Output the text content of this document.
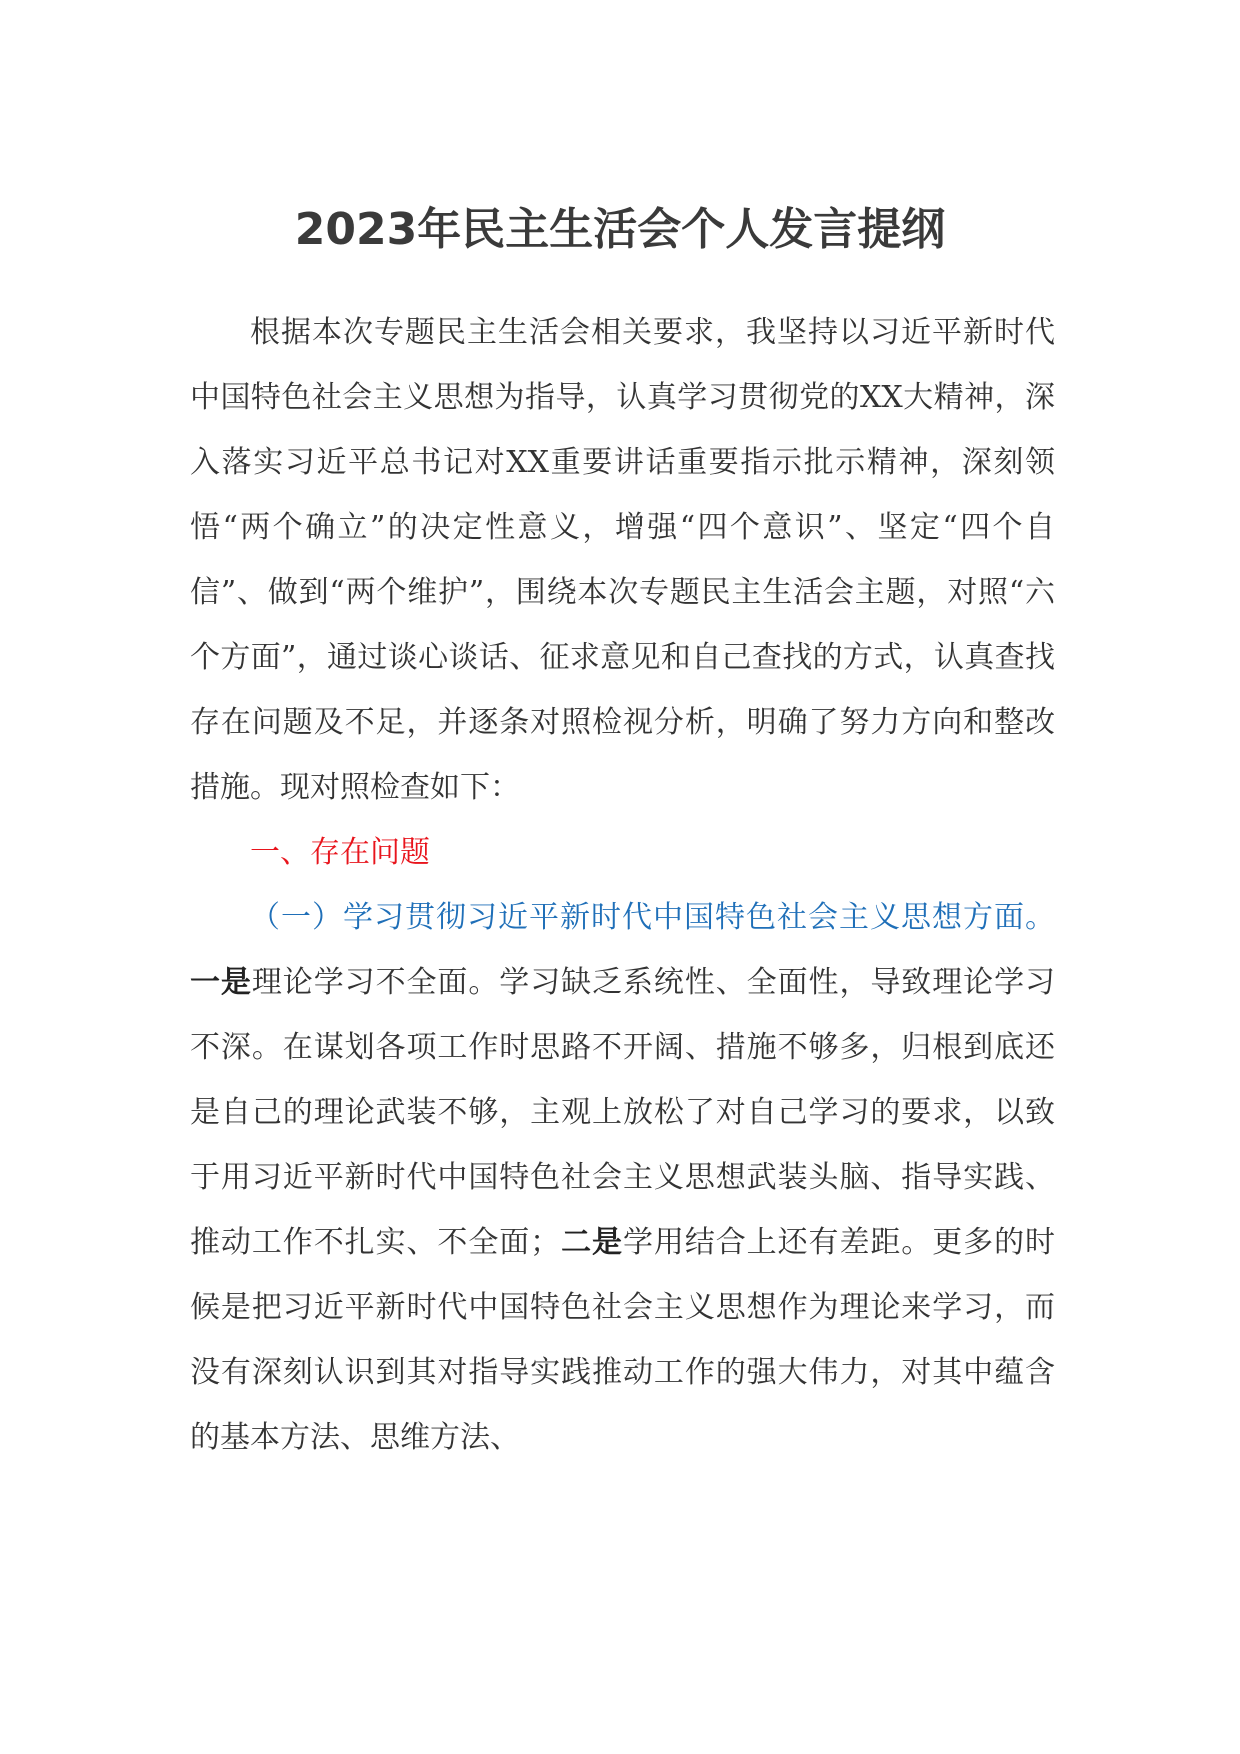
2023年民主生活会个人发言提纲

根据本次专题民主生活会相关要求，我坚持以习近平新时代中国特色社会主义思想为指导，认真学习贯彻党的XX大精神，深入落实习近平总书记对XX重要讲话重要指示批示精神，深刻领悟“两个确立”的决定性意义，增强“四个意识”、坚定“四个自信”、做到“两个维护”，围绕本次专题民主生活会主题，对照“六个方面”，通过谈心谈话、征求意见和自己查找的方式，认真查找存在问题及不足，并逐条对照检视分析，明确了努力方向和整改措施。现对照检查如下：

一、存在问题

（一）学习贯彻习近平新时代中国特色社会主义思想方面。一是理论学习不全面。学习缺乏系统性、全面性，导致理论学习不深。在谋划各项工作时思路不开阔、措施不够多，归根到底还是自己的理论武装不够，主观上放松了对自己学习的要求，以致于用习近平新时代中国特色社会主义思想武装头脑、指导实践、推动工作不扎实、不全面；二是学用结合上还有差距。更多的时候是把习近平新时代中国特色社会主义思想作为理论来学习，而没有深刻认识到其对指导实践推动工作的强大伟力，对其中蕴含的基本方法、思维方法、
